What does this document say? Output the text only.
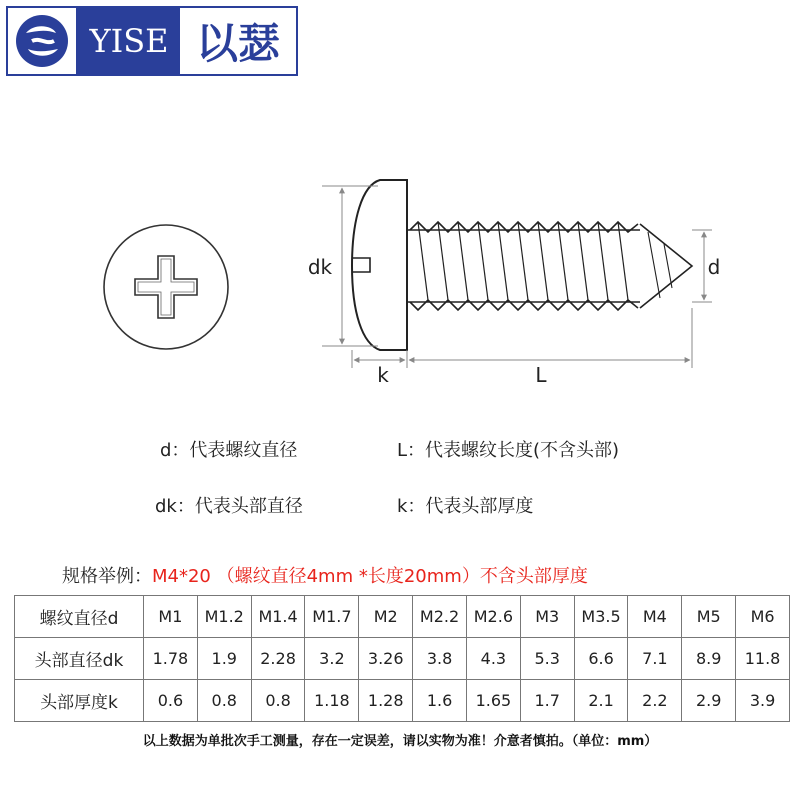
YISE 以瑟
dk	d
k	L
d：代表螺纹直径	L：代表螺纹长度(不含头部)
dk：代表头部直径	k：代表头部厚度
规格举例：M4*20 （螺纹直径4mm *长度20mm）不含头部厚度
螺纹直径d	M1	M1.2	M1.4	M1.7	M2	M2.2	M2.6	M3	M3.5	M4	M5	M6
头部直径dk	1.78	1.9	2.28	3.2	3.26	3.8	4.3	5.3	6.6	7.1	8.9	11.8
头部厚度k	0.6	0.8	0.8	1.18	1.28	1.6	1.65	1.7	2.1	2.2	2.9	3.9
以上数据为单批次手工测量，存在一定误差，请以实物为准！介意者慎拍。（单位：mm）
